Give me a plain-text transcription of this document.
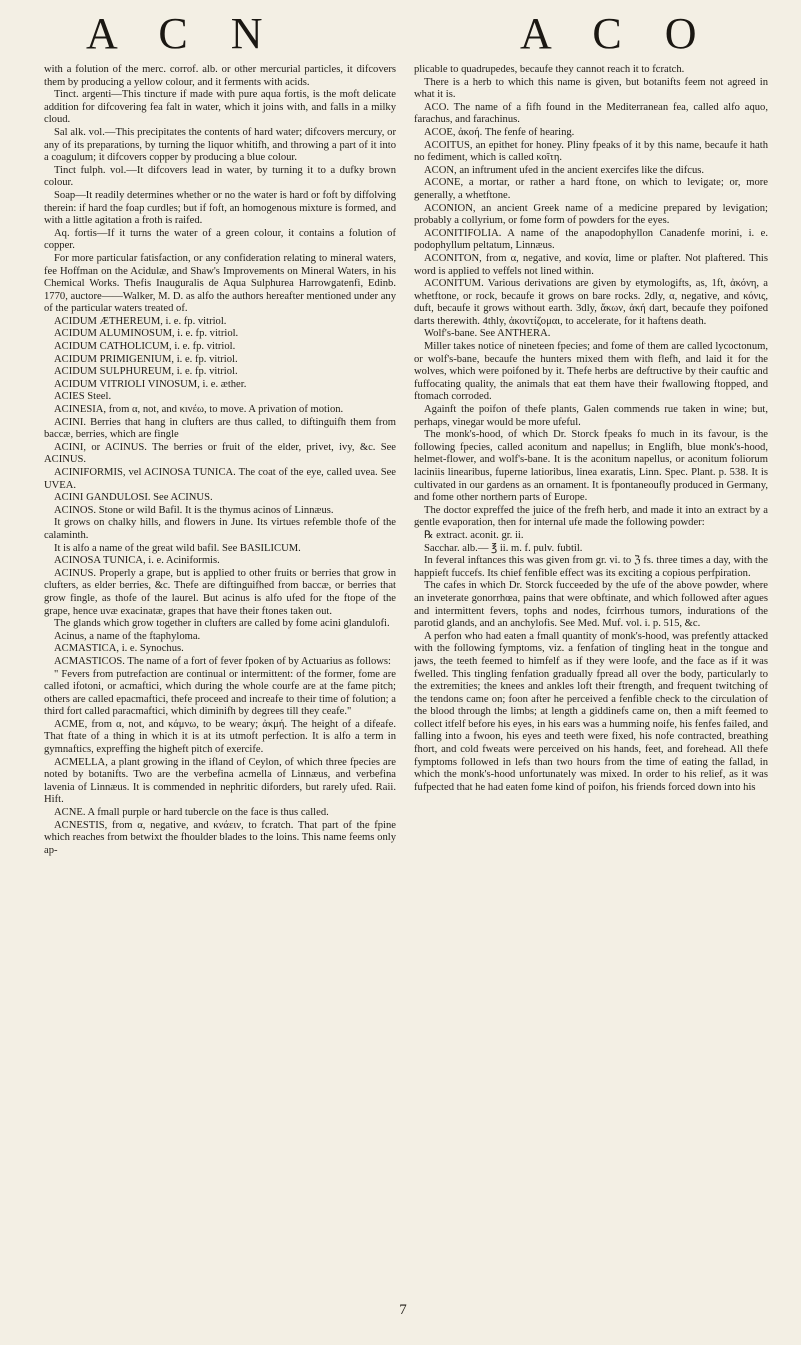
A C N	A C O

with a folution of the merc. corrof. alb. or other mercurial particles, it difcovers them by producing a yellow colour, and it ferments with acids.

Tinct. argenti—This tincture if made with pure aqua fortis, is the moft delicate addition for difcovering fea falt in water, which it joins with, and falls in a milky cloud.

Sal alk. vol.—This precipitates the contents of hard water; difcovers mercury, or any of its preparations, by turning the liquor whitifh, and throwing a part of it into a coagulum; it difcovers copper by producing a blue colour.

Tinct fulph. vol.—It difcovers lead in water, by turning it to a dufky brown colour.

Soap—It readily determines whether or no the water is hard or foft by diffolving therein: if hard the foap curdles; but if foft, an homogenous mixture is formed, and with a little agitation a froth is raifed.

Aq. fortis—If it turns the water of a green colour, it contains a folution of copper.

For more particular fatisfaction, or any confideration relating to mineral waters, fee Hoffman on the Acidulæ, and Shaw's Improvements on Mineral Waters, in his Chemical Works. Thefis Inauguralis de Aqua Sulphurea Harrowgatenfi, Edinb. 1770, auctore——Walker, M. D. as alfo the authors hereafter mentioned under any of the particular waters treated of.

ACIDUM ÆTHEREUM, i. e. fp. vitriol.

ACIDUM ALUMINOSUM, i. e. fp. vitriol.

ACIDUM CATHOLICUM, i. e. fp. vitriol.

ACIDUM PRIMIGENIUM, i. e. fp. vitriol.

ACIDUM SULPHUREUM, i. e. fp. vitriol.

ACIDUM VITRIOLI VINOSUM, i. e. æther.

ACIES Steel.

ACINESIA, from α, not, and κινέω, to move. A privation of motion.

ACINI. Berries that hang in clufters are thus called, to diftinguifh them from baccæ, berries, which are fingle

ACINI, or ACINUS. The berries or fruit of the elder, privet, ivy, &c. See ACINUS.

ACINIFORMIS, vel ACINOSA TUNICA. The coat of the eye, called uvea. See UVEA.

ACINI GANDULOSI. See ACINUS.

ACINOS. Stone or wild Bafil. It is the thymus acinos of Linnæus.

It grows on chalky hills, and flowers in June. Its virtues refemble thofe of the calaminth.

It is alfo a name of the great wild bafil. See BASILICUM.

ACINOSA TUNICA, i. e. Aciniformis.

ACINUS. Properly a grape, but is applied to other fruits or berries that grow in clufters, as elder berries, &c. Thefe are diftinguifhed from baccæ, or berries that grow fingle, as thofe of the laurel. But acinus is alfo ufed for the ftope of the grape, hence uvæ exacinatæ, grapes that have their ftones taken out.

The glands which grow together in clufters are called by fome acini glandulofi.

Acinus, a name of the ftaphyloma.

ACMASTICA, i. e. Synochus.

ACMASTICOS. The name of a fort of fever fpoken of by Actuarius as follows:

" Fevers from putrefaction are continual or intermittent: of the former, fome are called ifotoni, or acmaftici, which during the whole courfe are at the fame pitch; others are called epacmaftici, thefe proceed and increafe to their time of folution; a third fort called paracmaftici, which diminifh by degrees till they ceafe."

ACME, from α, not, and κάμνω, to be weary; ἀκμή. The height of a difeafe. That ftate of a thing in which it is at its utmoft perfection. It is alfo a term in gymnaftics, expreffing the higheft pitch of exercife.

ACMELLA, a plant growing in the ifland of Ceylon, of which three fpecies are noted by botanifts. Two are the verbefina acmella of Linnæus, and verbefina lavenia of Linnæus. It is commended in nephritic diforders, but rarely ufed. Raii. Hift.

ACNE. A fmall purple or hard tubercle on the face is thus called.

ACNESTIS, from α, negative, and κνάειν, to fcratch. That part of the fpine which reaches from betwixt the fhoulder blades to the loins. This name feems only ap-

plicable to quadrupedes, becaufe they cannot reach it to fcratch.

There is a herb to which this name is given, but botanifts feem not agreed in what it is.

ACO. The name of a fifh found in the Mediterranean fea, called alfo aquo, farachus, and farachinus.

ACOE, ἀκοή. The fenfe of hearing.

ACOITUS, an epithet for honey. Pliny fpeaks of it by this name, becaufe it hath no fediment, which is called κοῖτη.

ACON, an inftrument ufed in the ancient exercifes like the difcus.

ACONE, a mortar, or rather a hard ftone, on which to levigate; or, more generally, a whetftone.

ACONION, an ancient Greek name of a medicine prepared by levigation; probably a collyrium, or fome form of powders for the eyes.

ACONITIFOLIA. A name of the anapodophyllon Canadenfe morini, i. e. podophyllum peltatum, Linnæus.

ACONITON, from α, negative, and κονία, lime or plafter. Not plaftered. This word is applied to veffels not lined within.

ACONITUM. Various derivations are given by etymologifts, as, 1ft, ἀκόνη, a whetftone, or rock, becaufe it grows on bare rocks. 2dly, α, negative, and κόνις, duft, becaufe it grows without earth. 3dly, ἄκων, ἀκή dart, becaufe they poifoned darts therewith. 4thly, ἀκοντίζομαι, to accelerate, for it haftens death.

Wolf's-bane. See ANTHERA.

Miller takes notice of nineteen fpecies; and fome of them are called lycoctonum, or wolf's-bane, becaufe the hunters mixed them with flefh, and laid it for the wolves, which were poifoned by it. Thefe herbs are deftructive by their cauftic and fuffocating quality, the animals that eat them have their fwallowing ftopped, and ftomach corroded.

Againft the poifon of thefe plants, Galen commends rue taken in wine; but, perhaps, vinegar would be more ufeful.

The monk's-hood, of which Dr. Storck fpeaks fo much in its favour, is the following fpecies, called aconitum and napellus; in Englifh, blue monk's-hood, helmet-flower, and wolf's-bane. It is the aconitum napellus, or aconitum foliorum laciniis linearibus, fuperne latioribus, linea exaratis, Linn. Spec. Plant. p. 538. It is cultivated in our gardens as an ornament. It is fpontaneoufly produced in Germany, and fome other northern parts of Europe.

The doctor expreffed the juice of the frefh herb, and made it into an extract by a gentle evaporation, then for internal ufe made the following powder:

℞ extract. aconit. gr. ii.

Sacchar. alb.— ℥ ii. m. f. pulv. fubtil.

In feveral inftances this was given from gr. vi. to ℨ fs. three times a day, with the happieft fuccefs. Its chief fenfible effect was its exciting a copious perfpiration.

The cafes in which Dr. Storck fucceeded by the ufe of the above powder, where an inveterate gonorrhœa, pains that were obftinate, and which followed after agues and intermittent fevers, tophs and nodes, fcirrhous tumors, indurations of the parotid glands, and an anchylofis. See Med. Muf. vol. i. p. 515, &c.

A perfon who had eaten a fmall quantity of monk's-hood, was prefently attacked with the following fymptoms, viz. a fenfation of tingling heat in the tongue and jaws, the teeth feemed to himfelf as if they were loofe, and the face as if it was fwelled. This tingling fenfation gradually fpread all over the body, particularly to the extremities; the knees and ankles loft their ftrength, and frequent twitching of the tendons came on; foon after he perceived a fenfible check to the circulation of the blood through the limbs; at length a giddinefs came on, then a mift feemed to collect itfelf before his eyes, in his ears was a humming noife, his fenfes failed, and falling into a fwoon, his eyes and teeth were fixed, his nofe contracted, breathing fhort, and cold fweats were perceived on his hands, feet, and forehead. All thefe fymptoms followed in lefs than two hours from the time of eating the fallad, in which the monk's-hood unfortunately was mixed. In order to his relief, as it was fufpected that he had eaten fome kind of poifon, his friends forced down into his

7
